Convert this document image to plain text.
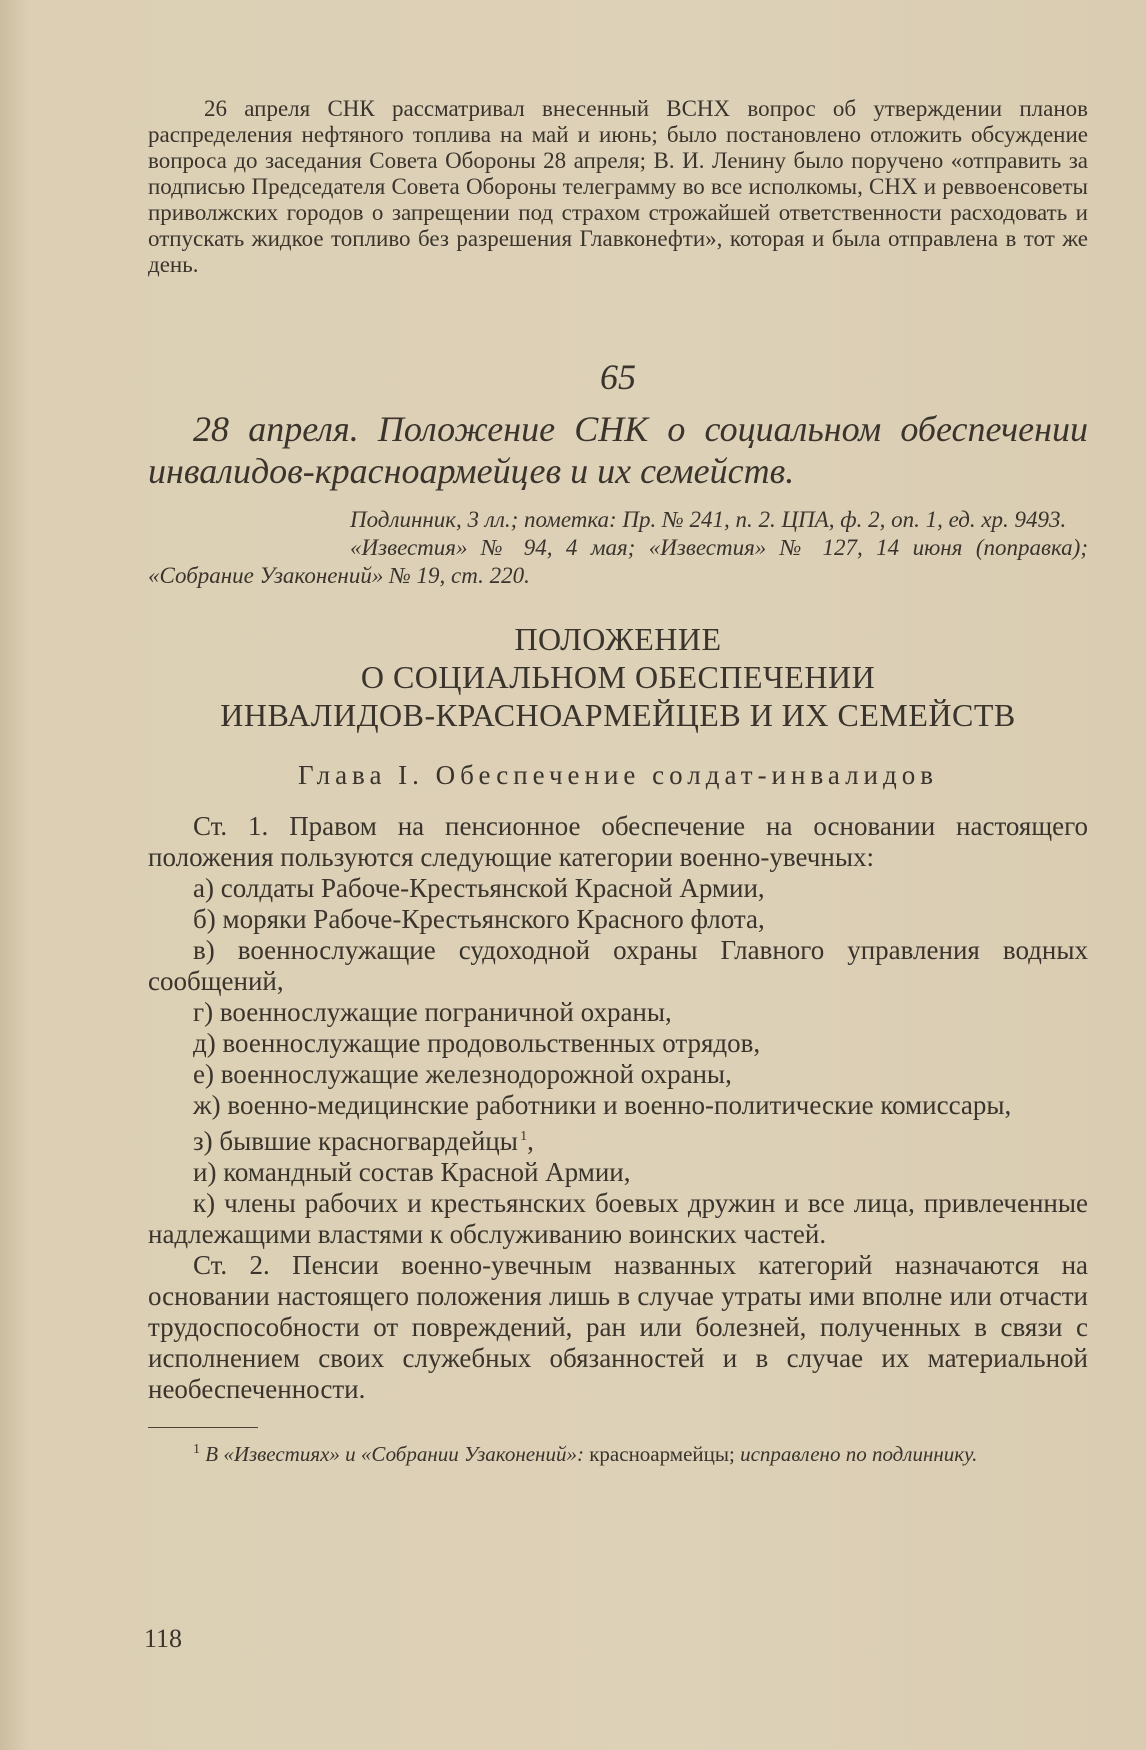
26 апреля СНК рассматривал внесенный ВСНХ вопрос об утверждении планов распределения нефтяного топлива на май и июнь; было постановлено отложить обсуждение вопроса до заседания Совета Обороны 28 апреля; В. И. Ленину было поручено «отправить за подписью Председателя Совета Обороны телеграмму во все исполкомы, СНХ и реввоенсоветы приволжских городов о запрещении под страхом строжайшей ответственности расходовать и отпускать жидкое топливо без разрешения Главконефти», которая и была отправлена в тот же день.

65

28 апреля. Положение СНК о социальном обеспечении инвалидов-красноармейцев и их семейств.

Подлинник, 3 лл.; пометка: Пр. № 241, п. 2. ЦПА, ф. 2, оп. 1, ед. хр. 9493.

«Известия» № 94, 4 мая; «Известия» № 127, 14 июня (поправка); «Собрание Узаконений» № 19, ст. 220.

ПОЛОЖЕНИЕ
О СОЦИАЛЬНОМ ОБЕСПЕЧЕНИИ
ИНВАЛИДОВ-КРАСНОАРМЕЙЦЕВ И ИХ СЕМЕЙСТВ
Глава I. Обеспечение солдат-инвалидов

Ст. 1. Правом на пенсионное обеспечение на основании настоящего положения пользуются следующие категории военно-увечных:

а) солдаты Рабоче-Крестьянской Красной Армии,

б) моряки Рабоче-Крестьянского Красного флота,

в) военнослужащие судоходной охраны Главного управления водных сообщений,

г) военнослужащие пограничной охраны,

д) военнослужащие продовольственных отрядов,

е) военнослужащие железнодорожной охраны,

ж) военно-медицинские работники и военно-политические комиссары,

з) бывшие красногвардейцы  $^1$,

и) командный состав Красной Армии,

к) члены рабочих и крестьянских боевых дружин и все лица, привлеченные надлежащими властями к обслуживанию воинских частей.

Ст. 2. Пенсии военно-увечным названных категорий назначаются на основании настоящего положения лишь в случае утраты ими вполне или отчасти трудоспособности от повреждений, ран или болезней, полученных в связи с исполнением своих служебных обязанностей и в случае их материальной необеспеченности.

$^1$ В «Известиях» и «Собрании Узаконений»: красноармейцы; исправлено по подлиннику.

118
